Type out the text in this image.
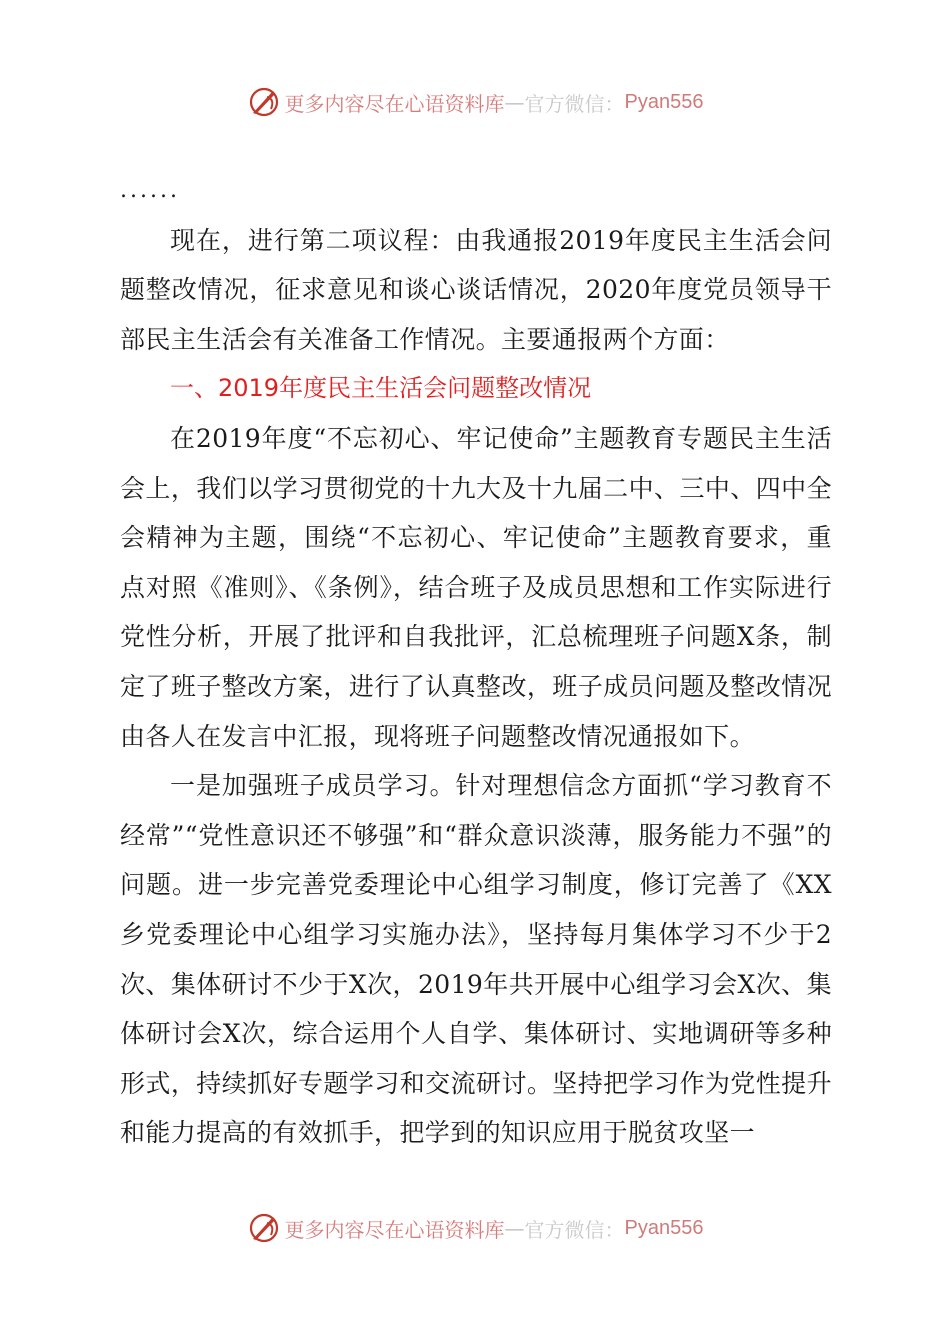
更多内容尽在心语资料库 — 官方微信： Pyan556

......

现在，进行第二项议程：由我通报2019年度民主生活会问题整改情况，征求意见和谈心谈话情况，2020年度党员领导干部民主生活会有关准备工作情况。主要通报两个方面：

一、2019年度民主生活会问题整改情况

在2019年度“不忘初心、牢记使命”主题教育专题民主生活会上，我们以学习贯彻党的十九大及十九届二中、三中、四中全会精神为主题，围绕“不忘初心、牢记使命”主题教育要求，重点对照《准则》、《条例》，结合班子及成员思想和工作实际进行党性分析，开展了批评和自我批评，汇总梳理班子问题X条，制定了班子整改方案，进行了认真整改，班子成员问题及整改情况由各人在发言中汇报，现将班子问题整改情况通报如下。

一是加强班子成员学习。针对理想信念方面抓“学习教育不经常”“党性意识还不够强”和“群众意识淡薄，服务能力不强”的问题。进一步完善党委理论中心组学习制度，修订完善了《XX乡党委理论中心组学习实施办法》，坚持每月集体学习不少于2次、集体研讨不少于X次，2019年共开展中心组学习会X次、集体研讨会X次，综合运用个人自学、集体研讨、实地调研等多种形式，持续抓好专题学习和交流研讨。坚持把学习作为党性提升和能力提高的有效抓手，把学到的知识应用于脱贫攻坚一

更多内容尽在心语资料库 — 官方微信： Pyan556
